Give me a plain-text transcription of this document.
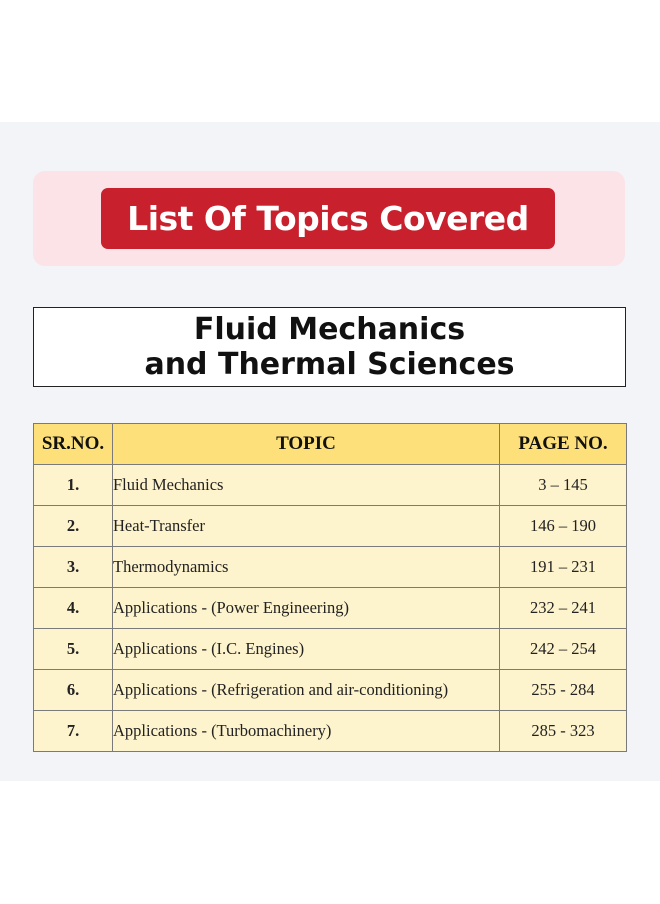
List Of Topics Covered
Fluid Mechanics
and Thermal Sciences
SR.NO.	TOPIC	PAGE NO.
1.	Fluid Mechanics	3 – 145
2.	Heat-Transfer	146 – 190
3.	Thermodynamics	191 – 231
4.	Applications - (Power Engineering)	232 – 241
5.	Applications - (I.C. Engines)	242 – 254
6.	Applications - (Refrigeration and air-conditioning)	255 - 284
7.	Applications - (Turbomachinery)	285 - 323
